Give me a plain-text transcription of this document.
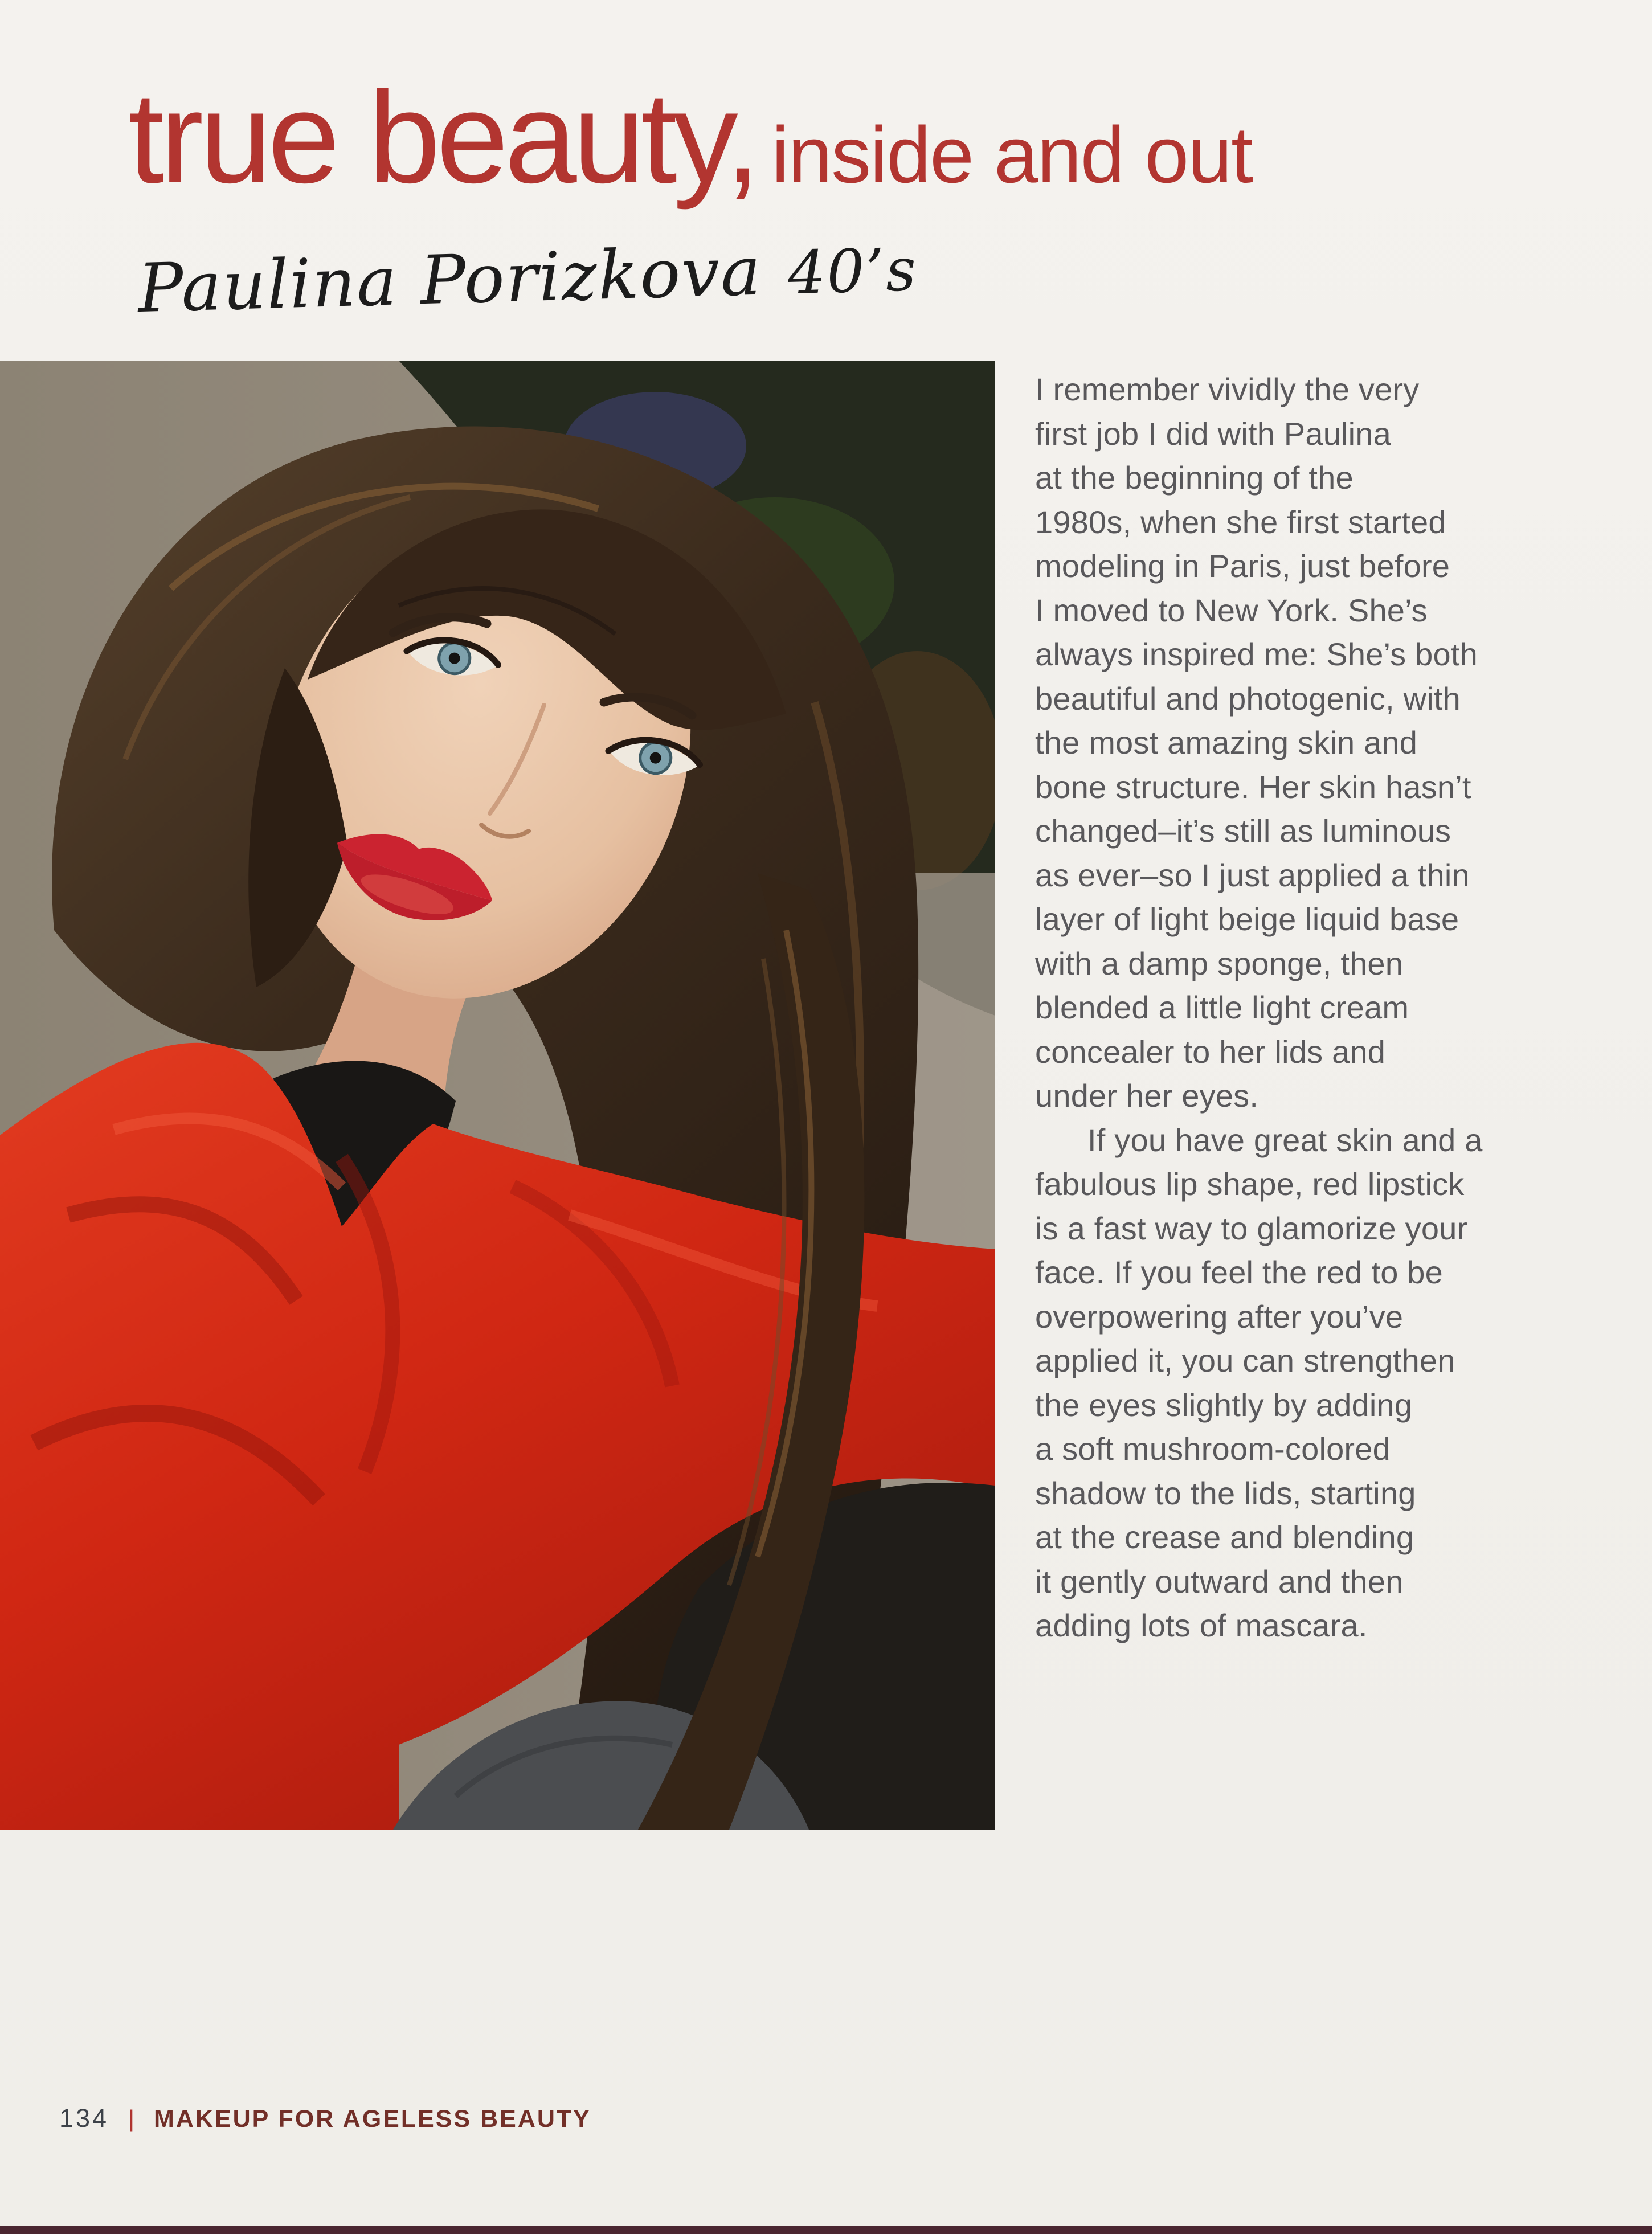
true beauty, inside and out
Paulina Porizkova 40’s
I remember vividly the very
first job I did with Paulina
at the beginning of the
1980s, when she first started
modeling in Paris, just before
I moved to New York. She’s
always inspired me: She’s both
beautiful and photogenic, with
the most amazing skin and
bone structure. Her skin hasn’t
changed–it’s still as luminous
as ever–so I just applied a thin
layer of light beige liquid base
with a damp sponge, then
blended a little light cream
concealer to her lids and
under her eyes.
If you have great skin and a
fabulous lip shape, red lipstick
is a fast way to glamorize your
face. If you feel the red to be
overpowering after you’ve
applied it, you can strengthen
the eyes slightly by adding
a soft mushroom-colored
shadow to the lids, starting
at the crease and blending
it gently outward and then
adding lots of mascara.
134 | MAKEUP FOR AGELESS BEAUTY
